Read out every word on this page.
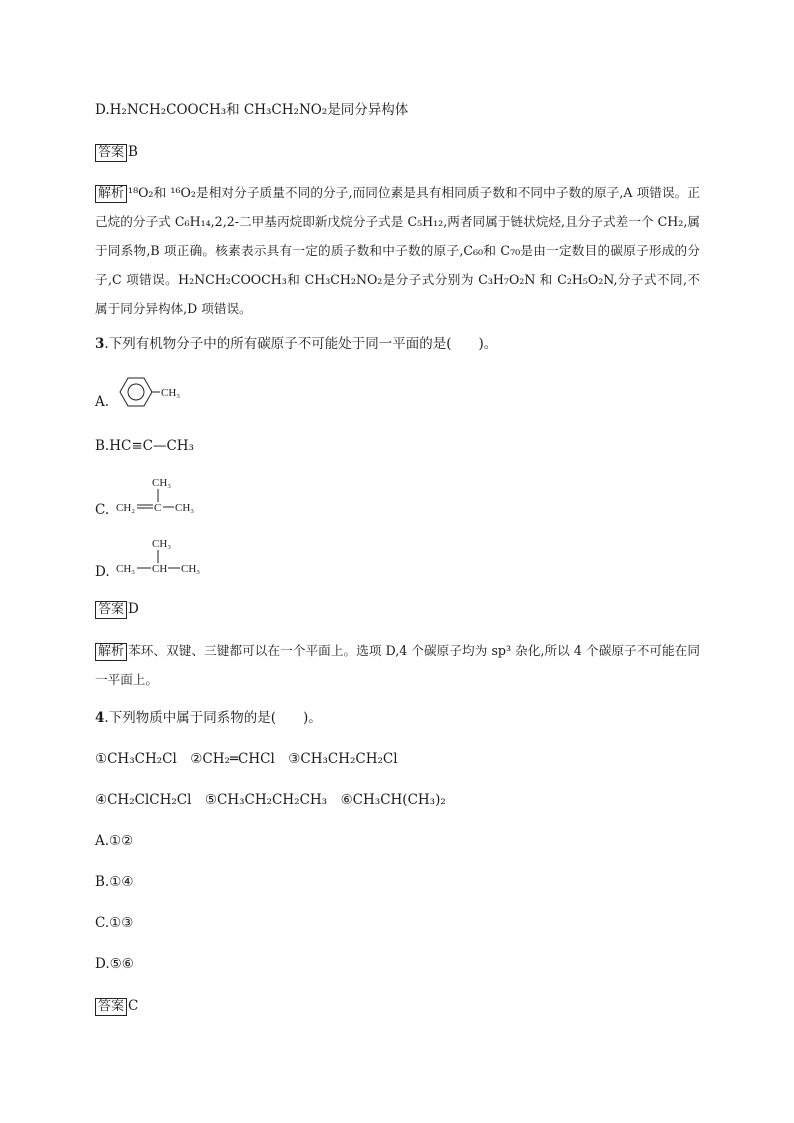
D.H₂NCH₂COOCH₃和 CH₃CH₂NO₂是同分异构体
答案 B
解析 ¹⁸O₂和 ¹⁶O₂是相对分子质量不同的分子,而同位素是具有相同质子数和不同中子数的原子,A 项错误。正己烷的分子式 C₆H₁₄,2,2-二甲基丙烷即新戊烷分子式是 C₅H₁₂,两者同属于链状烷烃,且分子式差一个 CH₂,属于同系物,B 项正确。核素表示具有一定的质子数和中子数的原子,C₆₀和 C₇₀是由一定数目的碳原子形成的分子,C 项错误。H₂NCH₂COOCH₃和 CH₃CH₂NO₂是分子式分别为 C₃H₇O₂N 和 C₂H₅O₂N,分子式不同,不属于同分异构体,D 项错误。
3.下列有机物分子中的所有碳原子不可能处于同一平面的是(　　)。
A.
CH₃
B.HC≡C—CH₃
C.
CH₃
CH₂ C CH₃
D.
CH₃
CH₃ CH CH₃
答案 D
解析 苯环、双键、三键都可以在一个平面上。选项 D,4 个碳原子均为 sp³ 杂化,所以 4 个碳原子不可能在同一平面上。
4.下列物质中属于同系物的是(　　)。
①CH₃CH₂Cl　②CH₂═CHCl　③CH₃CH₂CH₂Cl
④CH₂ClCH₂Cl　⑤CH₃CH₂CH₂CH₃　⑥CH₃CH(CH₃)₂
A.①②
B.①④
C.①③
D.⑤⑥
答案 C
